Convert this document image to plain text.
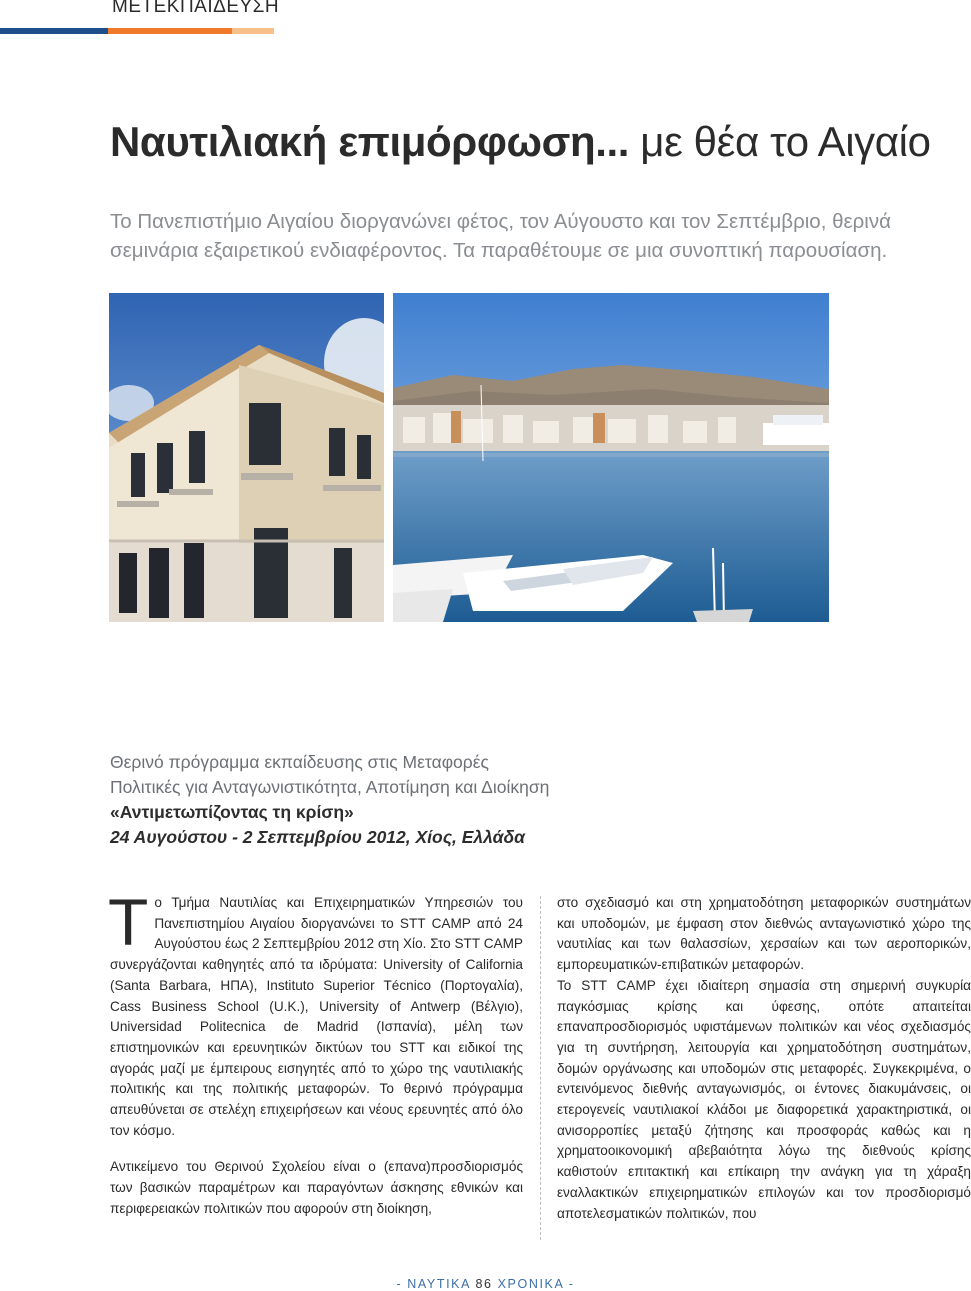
ΜΕΤΕΚΠΑΙΔΕΥΣΗ
Ναυτιλιακή επιμόρφωση... με θέα το Αιγαίο
Το Πανεπιστήμιο Αιγαίου διοργανώνει φέτος, τον Αύγουστο και τον Σεπτέμβριο, θερινά
σεμινάρια εξαιρετικού ενδιαφέροντος. Τα παραθέτουμε σε μια συνοπτική παρουσίαση.
Θερινό πρόγραμμα εκπαίδευσης στις Μεταφορές
Πολιτικές για Ανταγωνιστικότητα, Αποτίμηση και Διοίκηση
«Αντιμετωπίζοντας τη κρίση»
24 Αυγούστου - 2 Σεπτεμβρίου 2012, Χίος, Ελλάδα

Το Τμήμα Ναυτιλίας και Επιχειρηματικών Υπηρεσιών του Πανεπιστημίου Αιγαίου διοργανώνει το STT CAMP από 24 Αυγούστου έως 2 Σεπτεμβρίου 2012 στη Χίο. Στο STT CAMP συνεργάζονται καθηγητές από τα ιδρύματα: University of California (Santa Barbara, ΗΠΑ), Instituto Superior Técnico (Πορτογαλία), Cass Business School (U.K.), University of Antwerp (Βέλγιο), Universidad Politecnica de Madrid (Ισπανία), μέλη των επιστημονικών και ερευνητικών δικτύων του STT και ειδικοί της αγοράς μαζί με έμπειρους εισηγητές από το χώρο της ναυτιλιακής πολιτικής και της πολιτικής μεταφορών. Το θερινό πρόγραμμα απευθύνεται σε στελέχη επιχειρήσεων και νέους ερευνητές από όλο τον κόσμο.

Αντικείμενο του Θερινού Σχολείου είναι ο (επανα)προσδιορισμός των βασικών παραμέτρων και παραγόντων άσκησης εθνικών και περιφερειακών πολιτικών που αφορούν στη διοίκηση,

στο σχεδιασμό και στη χρηματοδότηση μεταφορικών συστημάτων και υποδομών, με έμφαση στον διεθνώς ανταγωνιστικό χώρο της ναυτιλίας και των θαλασσίων, χερσαίων και των αεροπορικών, εμπορευματικών-επιβατικών μεταφορών.

Το STT CAMP έχει ιδιαίτερη σημασία στη σημερινή συγκυρία παγκόσμιας κρίσης και ύφεσης, οπότε απαιτείται επαναπροσδιορισμός υφιστάμενων πολιτικών και νέος σχεδιασμός για τη συντήρηση, λειτουργία και χρηματοδότηση συστημάτων, δομών οργάνωσης και υποδομών στις μεταφορές. Συγκεκριμένα, ο εντεινόμενος διεθνής ανταγωνισμός, οι έντονες διακυμάνσεις, οι ετερογενείς ναυτιλιακοί κλάδοι με διαφορετικά χαρακτηριστικά, οι ανισορροπίες μεταξύ ζήτησης και προσφοράς καθώς και η χρηματοοικονομική αβεβαιότητα λόγω της διεθνούς κρίσης καθιστούν επιτακτική και επίκαιρη την ανάγκη για τη χάραξη εναλλακτικών επιχειρηματικών επιλογών και τον προσδιορισμό αποτελεσματικών πολιτικών, που

- ΝΑΥΤΙΚΑ 86 ΧΡΟΝΙΚΑ -
